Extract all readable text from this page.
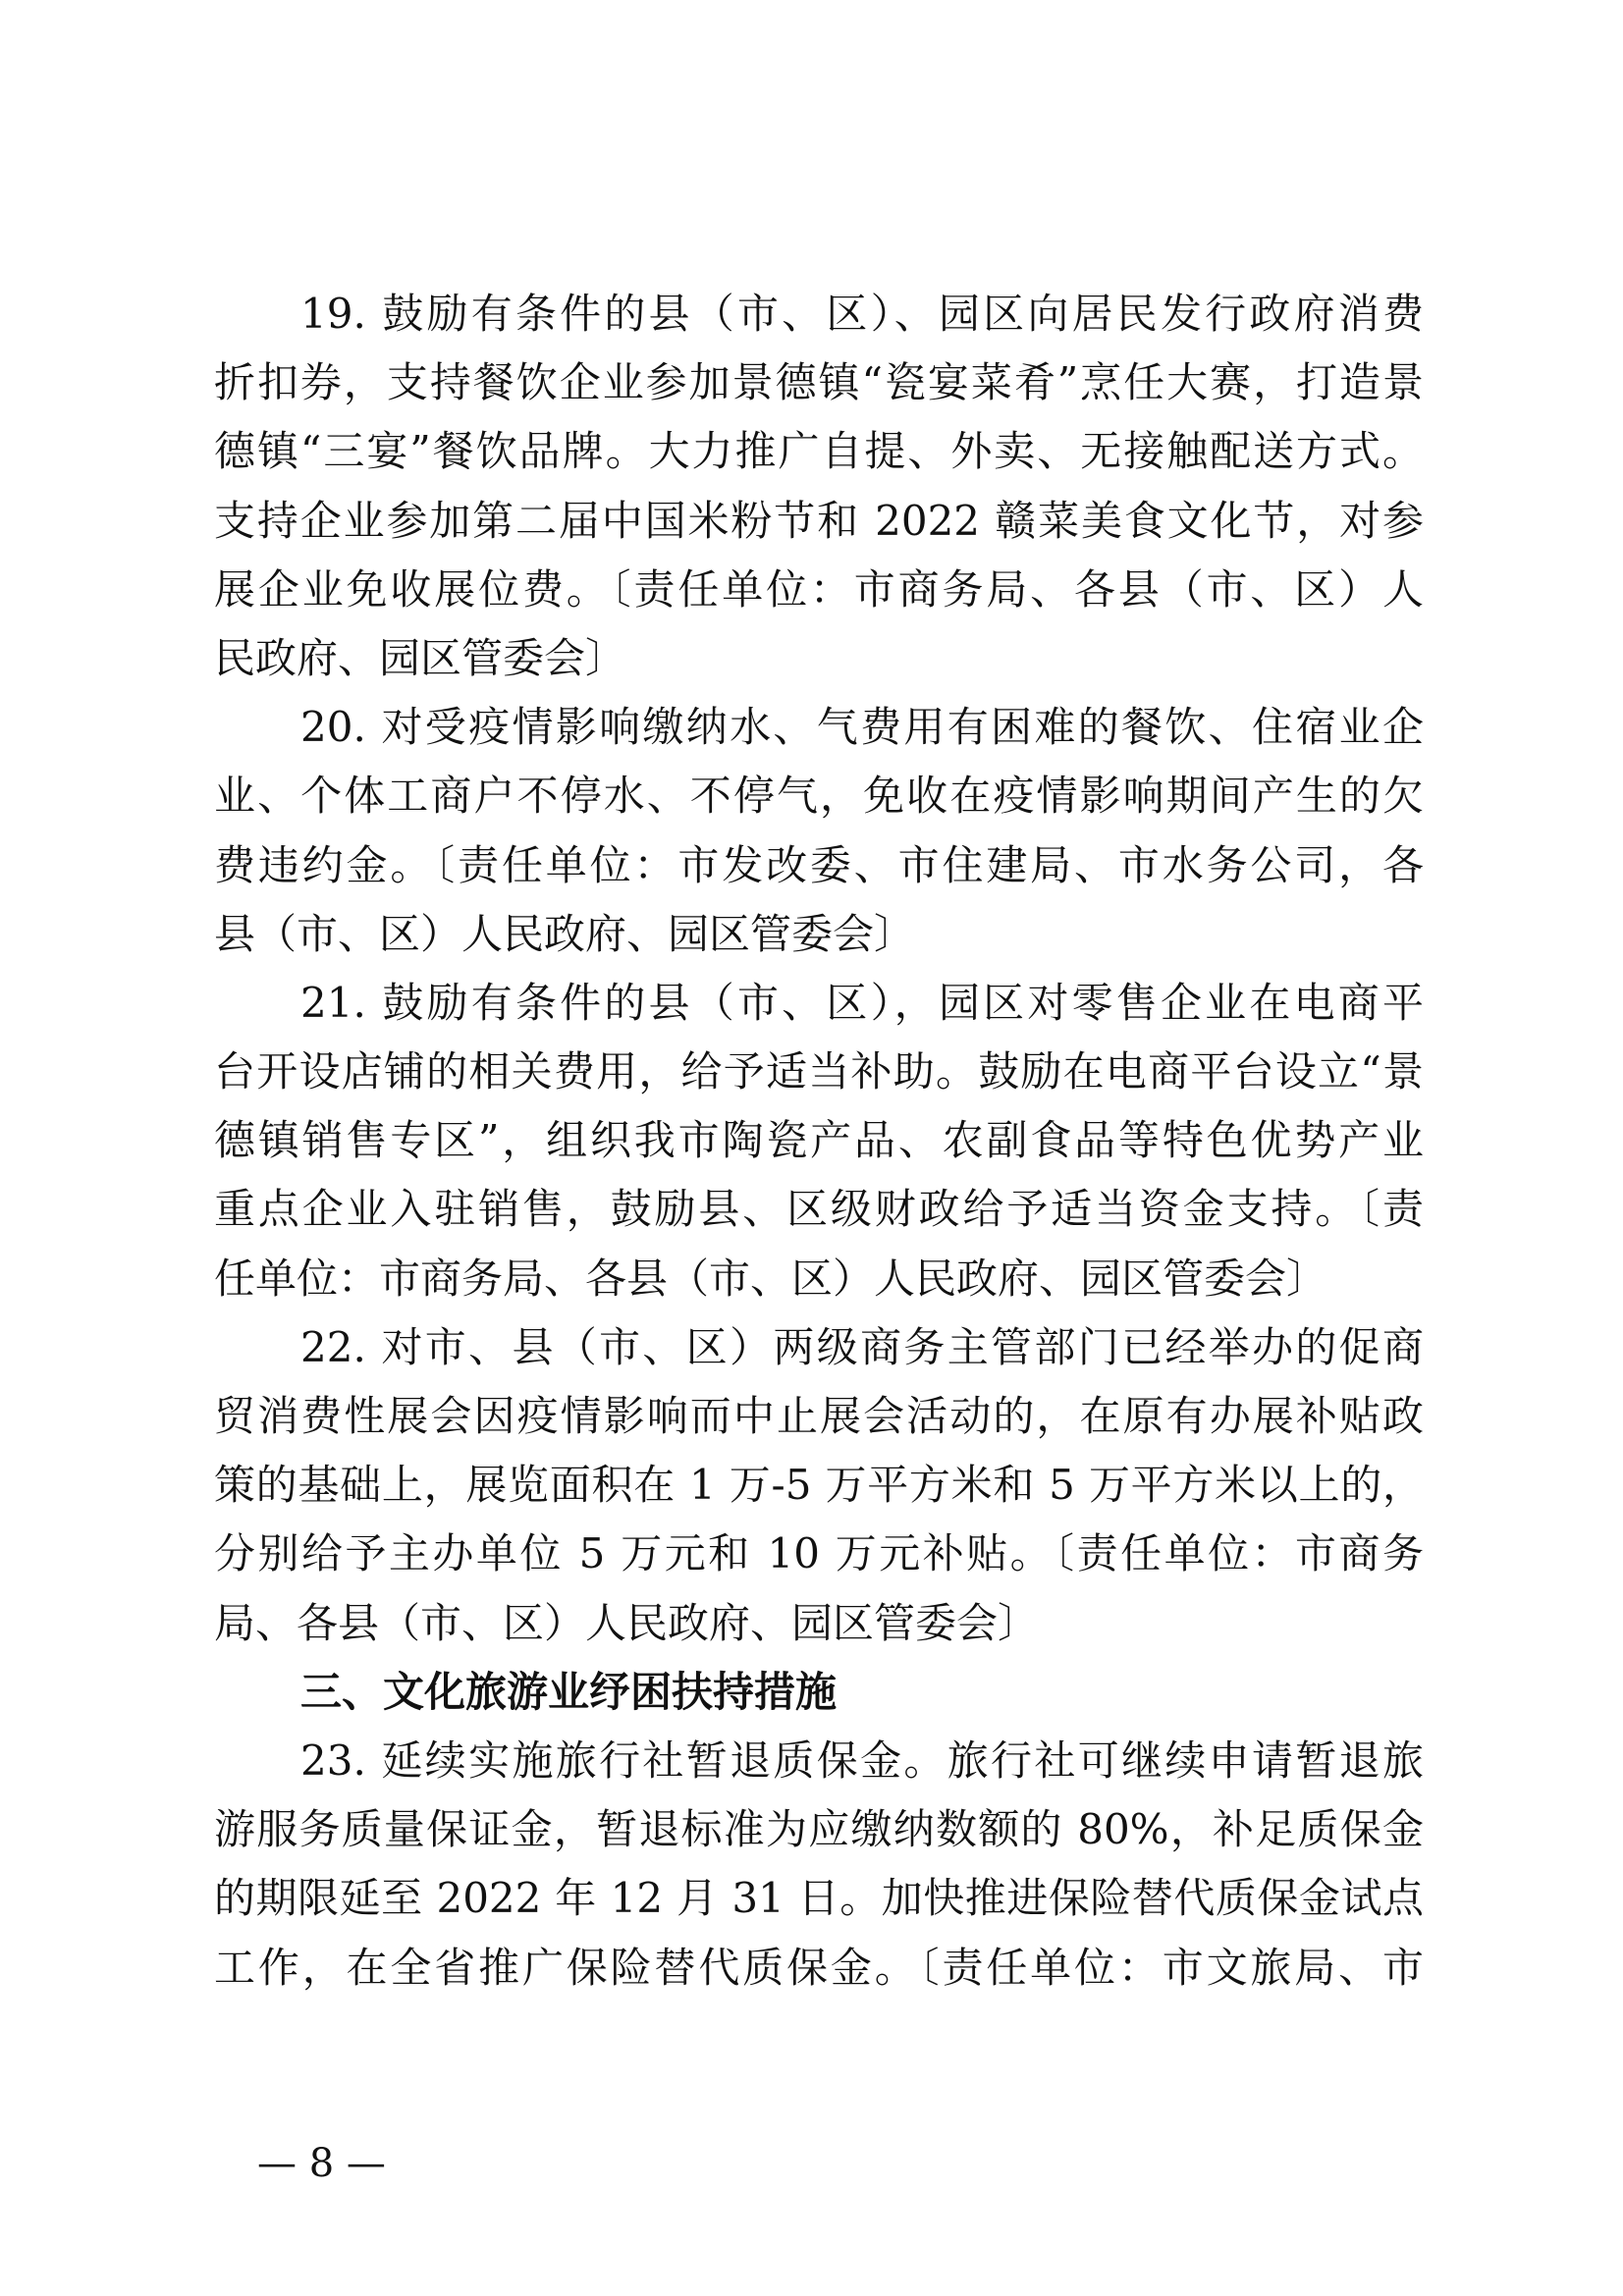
19. 鼓励有条件的县（市、区）、园区向居民发行政府消费
折扣券，支持餐饮企业参加景德镇“瓷宴菜肴”烹任大赛，打造景
德镇“三宴”餐饮品牌。大力推广自提、外卖、无接触配送方式。
支持企业参加第二届中国米粉节和 2022 赣菜美食文化节，对参
展企业免收展位费。〔责任单位：市商务局、各县（市、区）人
民政府、园区管委会〕
20. 对受疫情影响缴纳水、气费用有困难的餐饮、住宿业企
业、个体工商户不停水、不停气，免收在疫情影响期间产生的欠
费违约金。〔责任单位：市发改委、市住建局、市水务公司，各
县（市、区）人民政府、园区管委会〕
21. 鼓励有条件的县（市、区），园区对零售企业在电商平
台开设店铺的相关费用，给予适当补助。鼓励在电商平台设立“景
德镇销售专区”，组织我市陶瓷产品、农副食品等特色优势产业
重点企业入驻销售，鼓励县、区级财政给予适当资金支持。〔责
任单位：市商务局、各县（市、区）人民政府、园区管委会〕
22. 对市、县（市、区）两级商务主管部门已经举办的促商
贸消费性展会因疫情影响而中止展会活动的，在原有办展补贴政
策的基础上，展览面积在 1 万-5 万平方米和 5 万平方米以上的，
分别给予主办单位 5 万元和 10 万元补贴。〔责任单位：市商务
局、各县（市、区）人民政府、园区管委会〕
三、文化旅游业纾困扶持措施
23. 延续实施旅行社暂退质保金。旅行社可继续申请暂退旅
游服务质量保证金，暂退标准为应缴纳数额的 80%，补足质保金
的期限延至 2022 年 12 月 31 日。加快推进保险替代质保金试点
工作，在全省推广保险替代质保金。〔责任单位：市文旅局、市
— 8 —
